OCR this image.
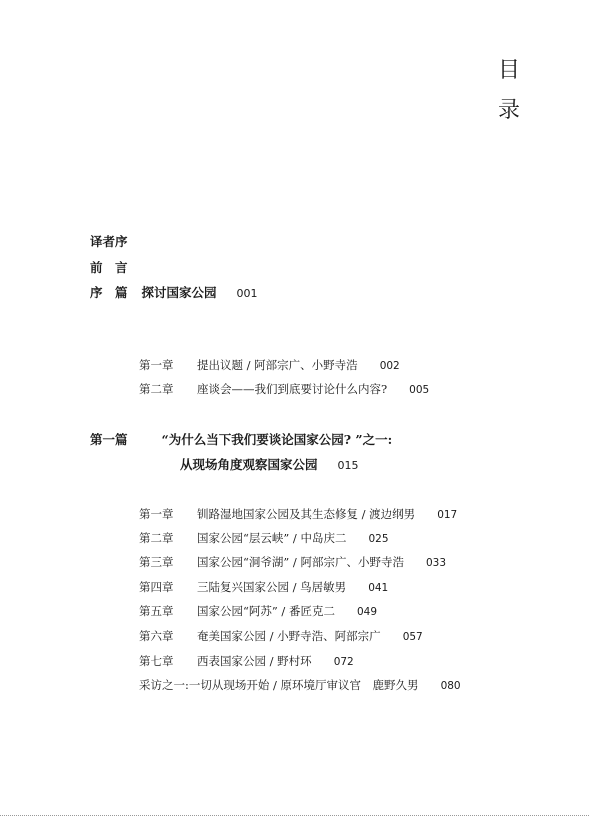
目
录
译者序
前　言
序　篇 探讨国家公园 001
第一章 提出议题 / 阿部宗广、小野寺浩 002
第二章 座谈会——我们到底要讨论什么内容? 005
第一篇	“为什么当下我们要谈论国家公园? ”之一:
从现场角度观察国家公园 015
第一章 钏路湿地国家公园及其生态修复 / 渡边纲男 017
第二章 国家公园“层云峡” / 中岛庆二 025
第三章 国家公园“洞爷湖” / 阿部宗广、小野寺浩 033
第四章 三陆复兴国家公园 / 鸟居敏男 041
第五章 国家公园“阿苏” / 番匠克二 049
第六章 奄美国家公园 / 小野寺浩、阿部宗广 057
第七章 西表国家公园 / 野村环 072
采访之一:一切从现场开始 / 原环境厅审议官　鹿野久男 080
